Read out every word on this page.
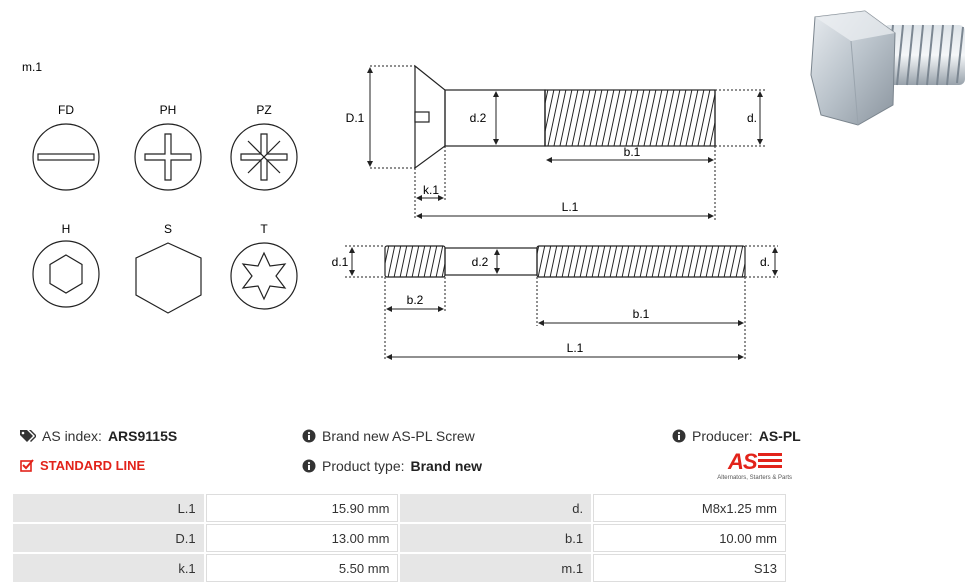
m.1
FD	PH	PZ
H	S	T
D.1	d.2	d.
b.1
k.1
L.1
d.1	d.2	d.
b.2
b.1
L.1
AS index: ARS9115S
STANDARD LINE
Brand new AS-PL Screw
Product type: Brand new
Producer: AS-PL
AS
Alternators, Starters & Parts
L.1	15.90 mm	d.	M8x1.25 mm
D.1	13.00 mm	b.1	10.00 mm
k.1	5.50 mm	m.1	S13
